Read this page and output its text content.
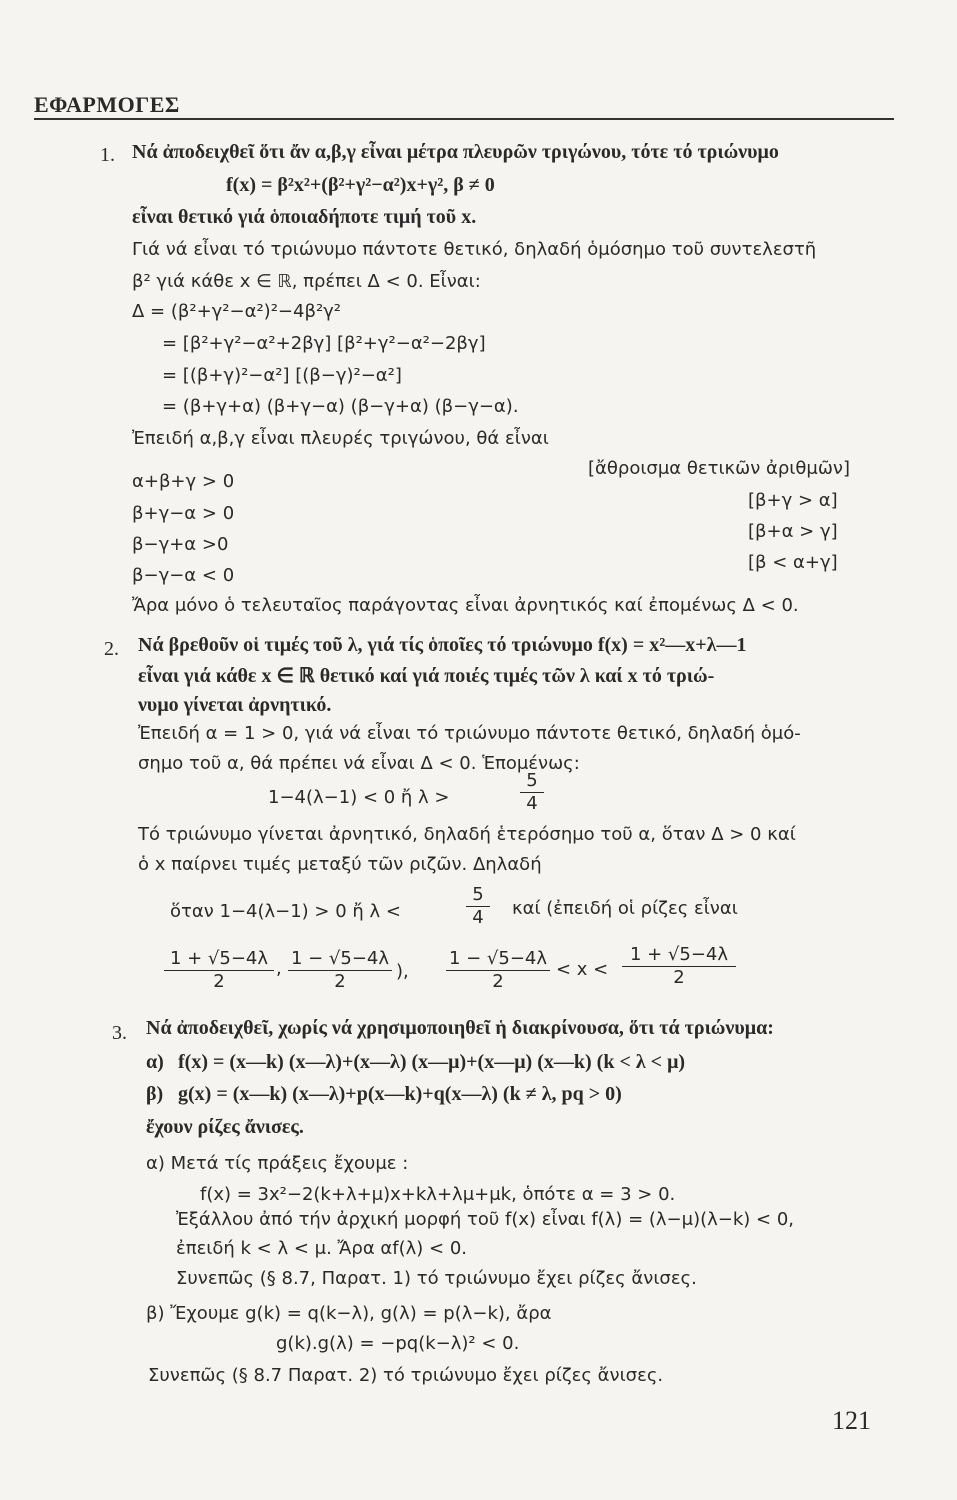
ΕΦΑΡΜΟΓΕΣ
1. Νά ἀποδειχθεῖ ὅτι ἄν α,β,γ εἶναι μέτρα πλευρῶν τριγώνου, τότε τό τριώνυμο
f(x) = β²x²+(β²+γ²−α²)x+γ², β ≠ 0
εἶναι θετικό γιά ὁποιαδήποτε τιμή τοῦ x.
Γιά νά εἶναι τό τριώνυμο πάντοτε θετικό, δηλαδή ὁμόσημο τοῦ συντελεστῆ
β² γιά κάθε x ∈ ℝ, πρέπει Δ < 0. Εἶναι:
Δ = (β²+γ²−α²)²−4β²γ²
= [β²+γ²−α²+2βγ] [β²+γ²−α²−2βγ]
= [(β+γ)²−α²] [(β−γ)²−α²]
= (β+γ+α) (β+γ−α) (β−γ+α) (β−γ−α).
Ἐπειδή α,β,γ εἶναι πλευρές τριγώνου, θά εἶναι
α+β+γ > 0
[ἄθροισμα θετικῶν ἀριθμῶν]
β+γ−α > 0
[β+γ > α]
β−γ+α >0
[β+α > γ]
β−γ−α < 0
[β < α+γ]
Ἄρα μόνο ὁ τελευταῖος παράγοντας εἶναι ἀρνητικός καί ἐπομένως Δ < 0.
2. Νά βρεθοῦν οἱ τιμές τοῦ λ, γιά τίς ὁποῖες τό τριώνυμο f(x) = x²—x+λ—1
εἶναι γιά κάθε x ∈ ℝ θετικό καί γιά ποιές τιμές τῶν λ καί x τό τριώ-
νυμο γίνεται ἀρνητικό.
Ἐπειδή α = 1 > 0, γιά νά εἶναι τό τριώνυμο πάντοτε θετικό, δηλαδή ὁμό-
σημο τοῦ α, θά πρέπει νά εἶναι Δ < 0. Ἑπομένως:
1−4(λ−1) < 0 ἤ λ >	$\frac{5}{4}$
Τό τριώνυμο γίνεται ἀρνητικό, δηλαδή ἑτερόσημο τοῦ α, ὅταν Δ > 0 καί
ὁ x παίρνει τιμές μεταξύ τῶν ριζῶν. Δηλαδή
ὅταν 1−4(λ−1) > 0 ἤ λ <	$\frac{5}{4}$ καί (ἐπειδή οἱ ρίζες εἶναι
$\frac{1 + √5-4\lambda}{2}$ , $\frac{1 - √5-4\lambda}{2}$ ), $\frac{1 - √5-4\lambda}{2} < x < \frac{1 + √5-4\lambda}{2}$
3. Νά ἀποδειχθεῖ, χωρίς νά χρησιμοποιηθεῖ ἡ διακρίνουσα, ὅτι τά τριώνυμα:
α) f(x) = (x—k) (x—λ)+(x—λ) (x—μ)+(x—μ) (x—k) (k < λ < μ)
β) g(x) = (x—k) (x—λ)+p(x—k)+q(x—λ) (k ≠ λ, pq > 0)
ἔχουν ρίζες ἄνισες.
α) Μετά τίς πράξεις ἔχουμε :
f(x) = 3x²−2(k+λ+μ)x+kλ+λμ+μk, ὁπότε α = 3 > 0.
Ἐξάλλου ἀπό τήν ἀρχική μορφή τοῦ f(x) εἶναι f(λ) = (λ−μ)(λ−k) < 0,
ἐπειδή k < λ < μ. Ἄρα αf(λ) < 0.
Συνεπῶς (§ 8.7, Παρατ. 1) τό τριώνυμο ἔχει ρίζες ἄνισες.
β) Ἔχουμε g(k) = q(k−λ), g(λ) = p(λ−k), ἄρα
g(k).g(λ) = −pq(k−λ)² < 0.
Συνεπῶς (§ 8.7 Παρατ. 2) τό τριώνυμο ἔχει ρίζες ἄνισες.
121
